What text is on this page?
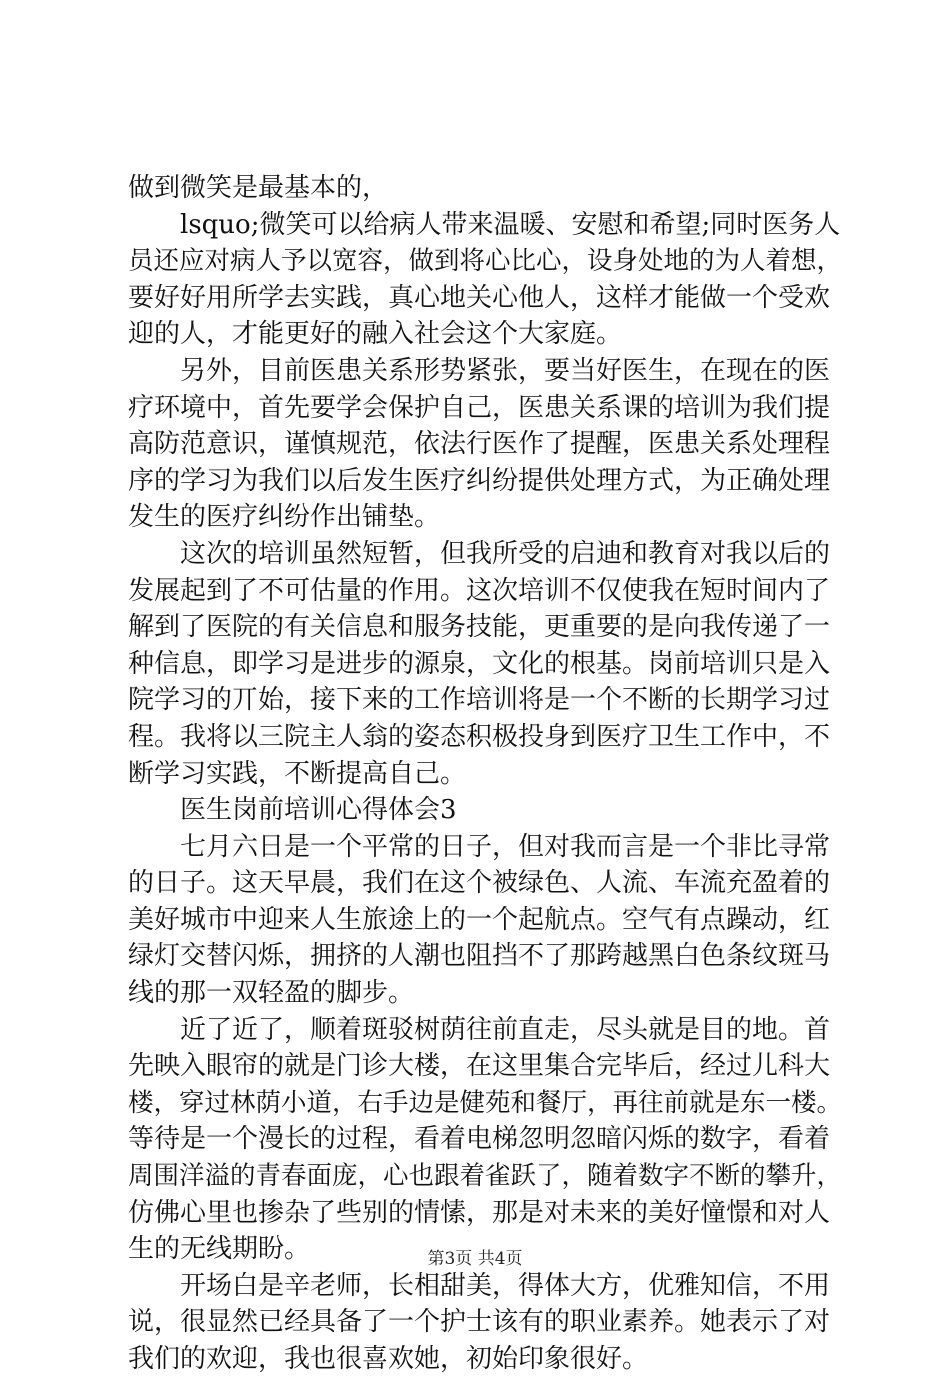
做到微笑是最基本的，
lsquo;微笑可以给病人带来温暖、安慰和希望;同时医务人
员还应对病人予以宽容，做到将心比心，设身处地的为人着想，
要好好用所学去实践，真心地关心他人，这样才能做一个受欢
迎的人，才能更好的融入社会这个大家庭。
另外，目前医患关系形势紧张，要当好医生，在现在的医
疗环境中，首先要学会保护自己，医患关系课的培训为我们提
高防范意识，谨慎规范，依法行医作了提醒，医患关系处理程
序的学习为我们以后发生医疗纠纷提供处理方式，为正确处理
发生的医疗纠纷作出铺垫。
这次的培训虽然短暂，但我所受的启迪和教育对我以后的
发展起到了不可估量的作用。这次培训不仅使我在短时间内了
解到了医院的有关信息和服务技能，更重要的是向我传递了一
种信息，即学习是进步的源泉，文化的根基。岗前培训只是入
院学习的丌始，接下来的工作培训将是一个不断的长期学习过
程。我将以三院主人翁的姿态积极投身到医疗卫生工作中，不
断学习实践，不断提高自己。
医生岗前培训心得体会3
七月六日是一个平常的日子，但对我而言是一个非比寻常
的日子。这天早晨，我们在这个被绿色、人流、车流充盈着的
美好城市中迎来人生旅途上的一个起航点。空气有点躁动，红
绿灯交替闪烁，拥挤的人潮也阻挡不了那跨越黑白色条纹斑马
线的那一双轻盈的脚步。
近了近了，顺着斑驳树荫往前直走，尽头就是目的地。首
先映入眼帘的就是门诊大楼，在这里集合完毕后，经过儿科大
楼，穿过林荫小道，右手边是健苑和餐厅，再往前就是东一楼。
等待是一个漫长的过程，看着电梯忽明忽暗闪烁的数字，看着
周围洋溢的青春面庞，心也跟着雀跃了，随着数字不断的攀升，
仿佛心里也掺杂了些别的情愫，那是对未来的美好憧憬和对人
生的无线期盼。
开场白是辛老师，长相甜美，得体大方，优雅知信，不用
说，很显然已经具备了一个护士该有的职业素养。她表示了对
我们的欢迎，我也很喜欢她，初始印象很好。
第3页 共4页
